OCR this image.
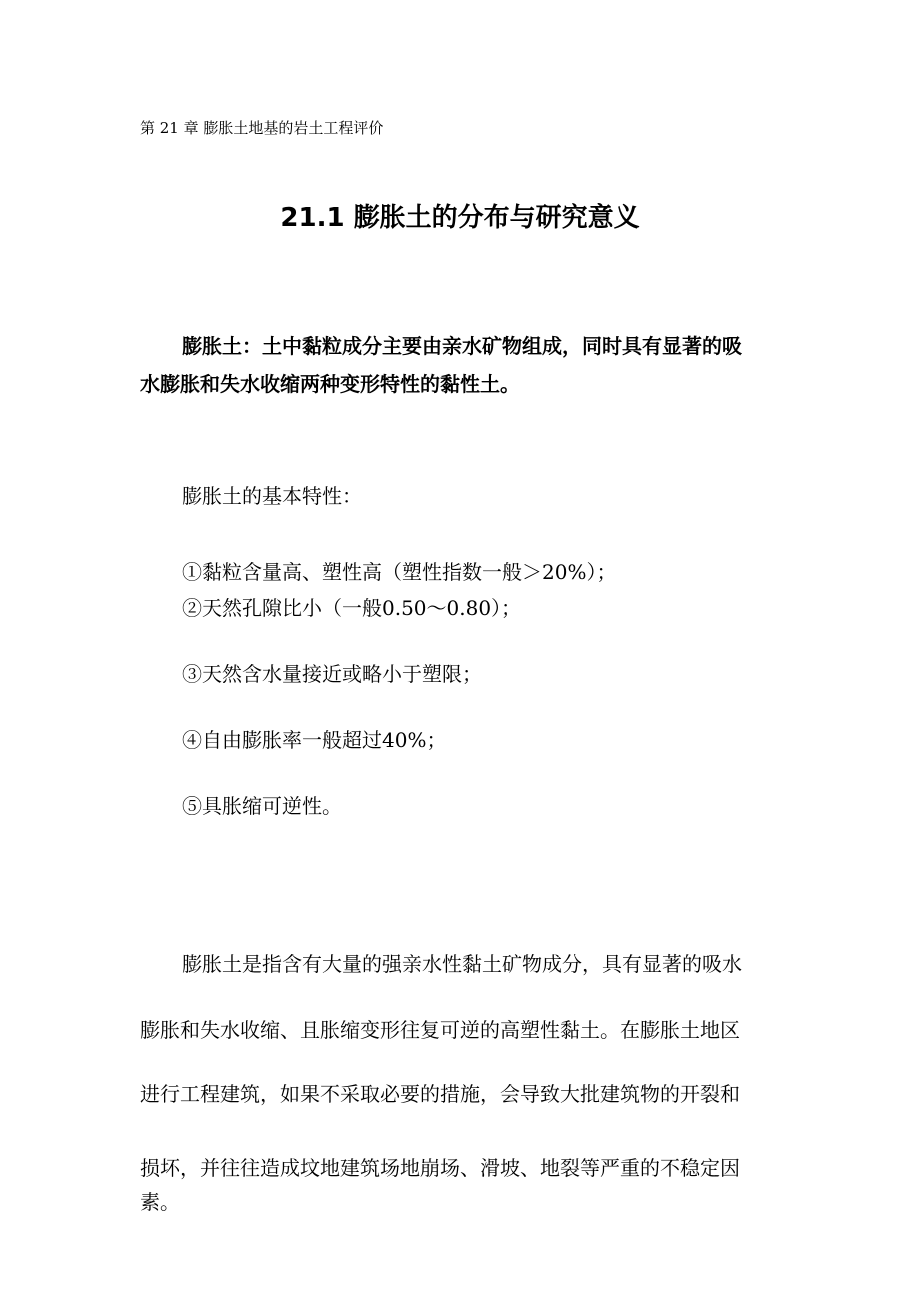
第 21 章 膨胀土地基的岩土工程评价
21.1 膨胀土的分布与研究意义
膨胀土：土中黏粒成分主要由亲水矿物组成，同时具有显著的吸
水膨胀和失水收缩两种变形特性的黏性土。
膨胀土的基本特性：
①黏粒含量高、塑性高（塑性指数一般＞20%）；
②天然孔隙比小（一般0.50～0.80）；
③天然含水量接近或略小于塑限；
④自由膨胀率一般超过40%；
⑤具胀缩可逆性。
膨胀土是指含有大量的强亲水性黏土矿物成分，具有显著的吸水
膨胀和失水收缩、且胀缩变形往复可逆的高塑性黏土。在膨胀土地区
进行工程建筑，如果不采取必要的措施，会导致大批建筑物的开裂和
损坏，并往往造成坟地建筑场地崩场、滑坡、地裂等严重的不稳定因
素。
